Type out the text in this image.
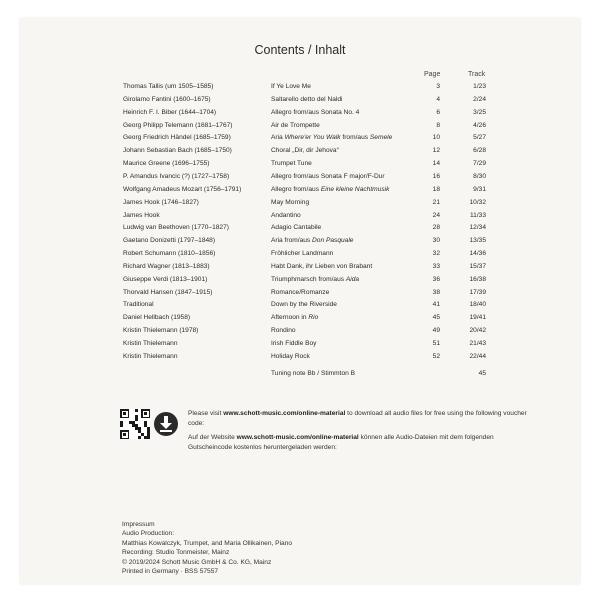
Contents / Inhalt
Page	Track
Thomas Tallis (um 1505–1585)	If Ye Love Me	3	1/23
Girolamo Fantini (1600–1675)	Saltarello detto del Naldi	4	2/24
Heinrich F. I. Biber (1644–1704)	Allegro from/aus Sonata No. 4	6	3/25
Georg Philipp Telemann (1681–1767)	Air de Trompette	8	4/26
Georg Friedrich Händel (1685–1759)	Aria Where'er You Walk from/aus Semele	10	5/27
Johann Sebastian Bach (1685–1750)	Choral „Dir, dir Jehova“	12	6/28
Maurice Greene (1696–1755)	Trumpet Tune	14	7/29
P. Amandus Ivancic (?) (1727–1758)	Allegro from/aus Sonata F major/F-Dur	16	8/30
Wolfgang Amadeus Mozart (1756–1791)	Allegro from/aus Eine kleine Nachtmusik	18	9/31
James Hook (1746–1827)	May Morning	21	10/32
James Hook	Andantino	24	11/33
Ludwig van Beethoven (1770–1827)	Adagio Cantabile	28	12/34
Gaetano Donizetti (1797–1848)	Aria from/aus Don Pasquale	30	13/35
Robert Schumann (1810–1856)	Fröhlicher Landmann	32	14/36
Richard Wagner (1813–1883)	Habt Dank, ihr Lieben von Brabant	33	15/37
Giuseppe Verdi (1813–1901)	Triumphmarsch from/aus Aida	36	16/38
Thorvald Hansen (1847–1915)	Romance/Romanze	38	17/39
Traditional	Down by the Riverside	41	18/40
Daniel Hellbach (1958)	Afternoon in Rio	45	19/41
Kristin Thielemann (1978)	Rondino	49	20/42
Kristin Thielemann	Irish Fiddle Boy	51	21/43
Kristin Thielemann	Holiday Rock	52	22/44
Tuning note Bb / Stimmton B	45

Please visit www.schott-music.com/online-material to download all audio files for free using the following voucher code:

Auf der Website www.schott-music.com/online-material können alle Audio-Dateien mit dem folgenden Gutscheincode kostenlos heruntergeladen werden:

Impressum
Audio Production:
Matthias Kowalczyk, Trumpet, and Maria Ollikainen, Piano
Recording: Studio Tonmeister, Mainz
© 2019/2024 Schott Music GmbH & Co. KG, Mainz
Printed in Germany · BSS 57557
